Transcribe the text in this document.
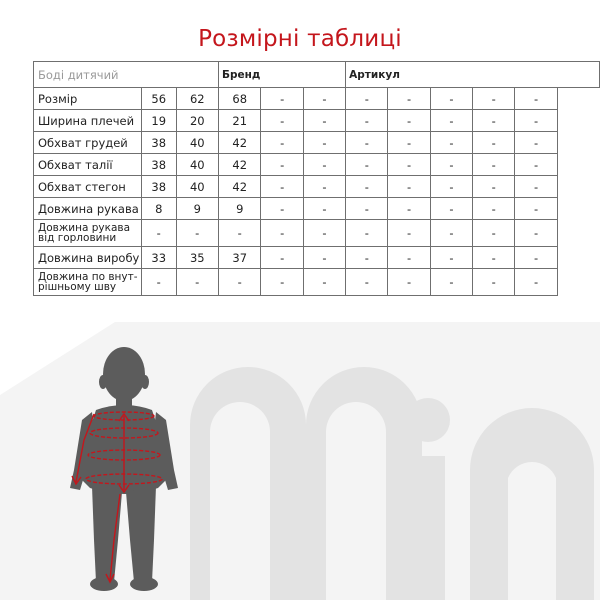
Розмірні таблиці
Боді дитячий			Бренд			Артикул				
Розмір	56	62	68	-	-	-	-	-	-	-
Ширина плечей	19	20	21	-	-	-	-	-	-	-
Обхват грудей	38	40	42	-	-	-	-	-	-	-
Обхват талії	38	40	42	-	-	-	-	-	-	-
Обхват стегон	38	40	42	-	-	-	-	-	-	-
Довжина рукава	8	9	9	-	-	-	-	-	-	-

Довжина рукава
від горловини	-	-	-	-	-	-	-	-	-	-
Довжина виробу	33	35	37	-	-	-	-	-	-	-

Довжина по внут-
рішньому шву	-	-	-	-	-	-	-	-	-	-
